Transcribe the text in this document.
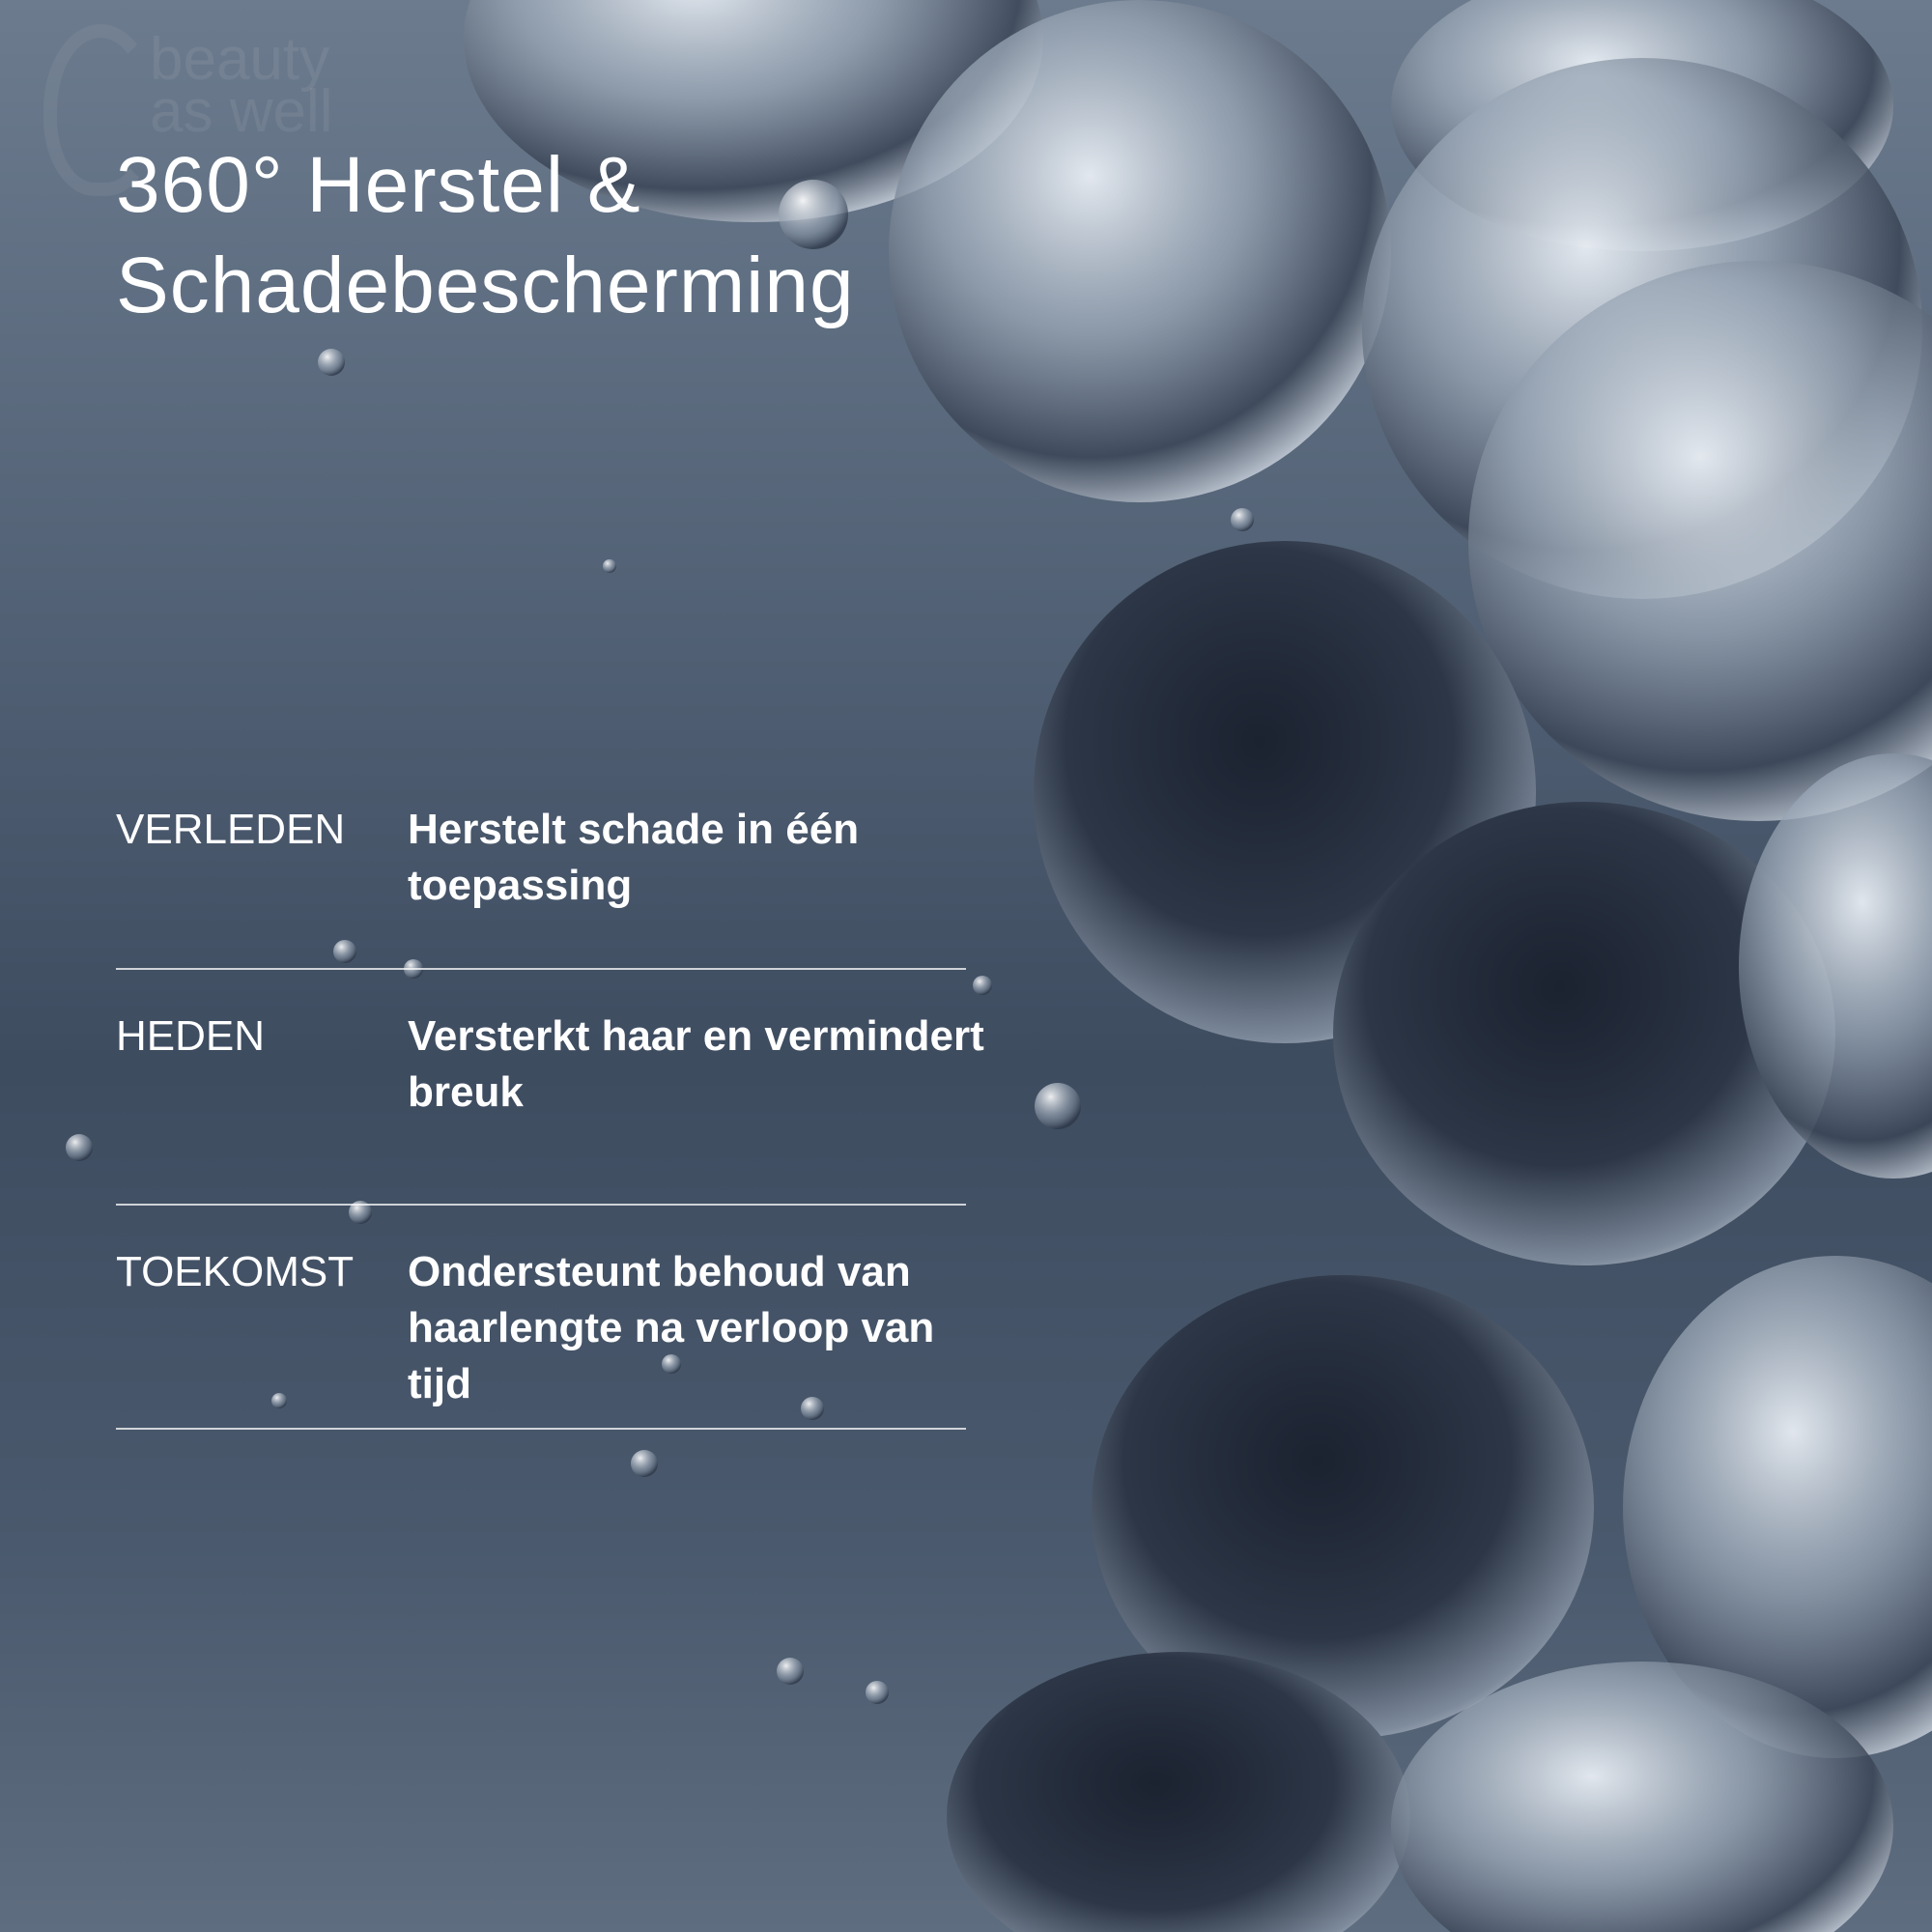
beauty
as well
360° Herstel &
Schadebescherming
VERLEDEN Herstelt schade in één toepassing
HEDEN	Versterkt haar en vermindert breuk
TOEKOMST Ondersteunt behoud van haarlengte na verloop van tijd
